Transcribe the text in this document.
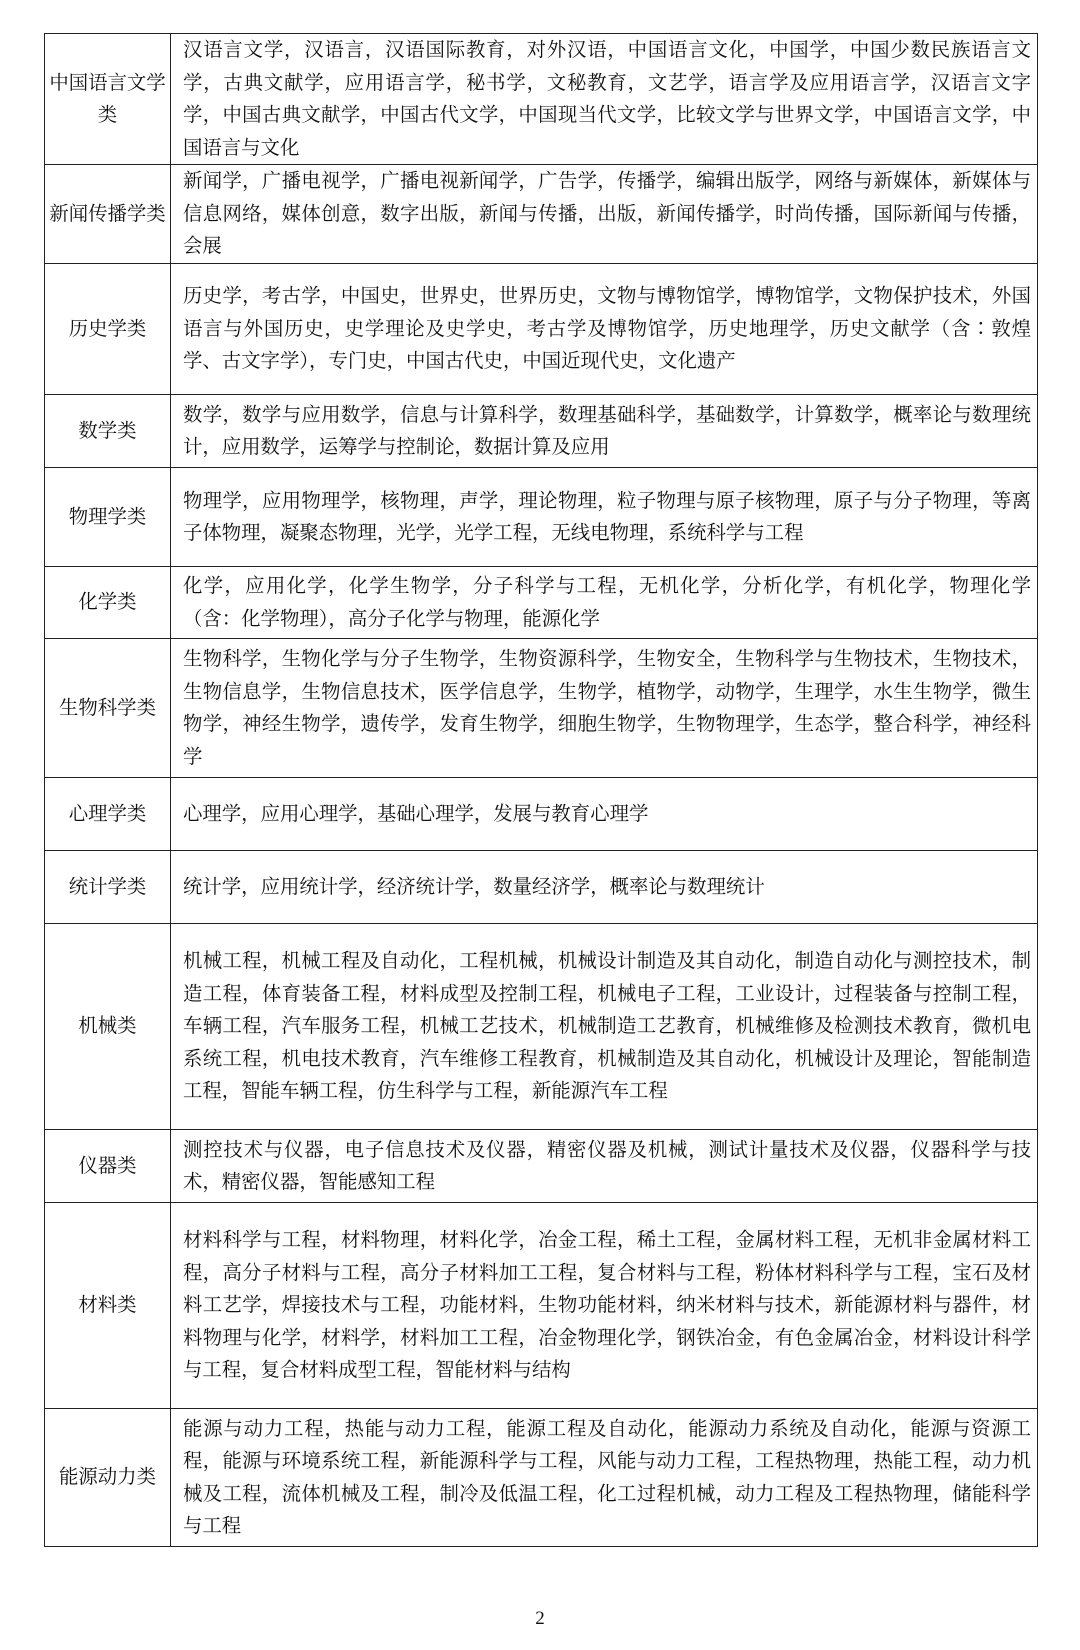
中国语言文学类	汉语言文学，汉语言，汉语国际教育，对外汉语，中国语言文化，中国学，中国少数民族语言文学，古典文献学，应用语言学，秘书学，文秘教育，文艺学，语言学及应用语言学，汉语言文字学，中国古典文献学，中国古代文学，中国现当代文学，比较文学与世界文学，中国语言文学，中国语言与文化
新闻传播学类	新闻学，广播电视学，广播电视新闻学，广告学，传播学，编辑出版学，网络与新媒体，新媒体与信息网络，媒体创意，数字出版，新闻与传播，出版，新闻传播学，时尚传播，国际新闻与传播，会展
历史学类	历史学，考古学，中国史，世界史，世界历史，文物与博物馆学，博物馆学，文物保护技术，外国语言与外国历史，史学理论及史学史，考古学及博物馆学，历史地理学，历史文献学（含∶敦煌学、古文字学），专门史，中国古代史，中国近现代史，文化遗产
数学类	数学，数学与应用数学，信息与计算科学，数理基础科学，基础数学，计算数学，概率论与数理统计，应用数学，运筹学与控制论，数据计算及应用
物理学类	物理学，应用物理学，核物理，声学，理论物理，粒子物理与原子核物理，原子与分子物理，等离子体物理，凝聚态物理，光学，光学工程，无线电物理，系统科学与工程
化学类	化学，应用化学，化学生物学，分子科学与工程，无机化学，分析化学，有机化学，物理化学（含：化学物理），高分子化学与物理，能源化学
生物科学类	生物科学，生物化学与分子生物学，生物资源科学，生物安全，生物科学与生物技术，生物技术，生物信息学，生物信息技术，医学信息学，生物学，植物学，动物学，生理学，水生生物学，微生物学，神经生物学，遗传学，发育生物学，细胞生物学，生物物理学，生态学，整合科学，神经科学
心理学类	心理学，应用心理学，基础心理学，发展与教育心理学
统计学类	统计学，应用统计学，经济统计学，数量经济学，概率论与数理统计
机械类	机械工程，机械工程及自动化，工程机械，机械设计制造及其自动化，制造自动化与测控技术，制造工程，体育装备工程，材料成型及控制工程，机械电子工程，工业设计，过程装备与控制工程，车辆工程，汽车服务工程，机械工艺技术，机械制造工艺教育，机械维修及检测技术教育，微机电系统工程，机电技术教育，汽车维修工程教育，机械制造及其自动化，机械设计及理论，智能制造工程，智能车辆工程，仿生科学与工程，新能源汽车工程
仪器类	测控技术与仪器，电子信息技术及仪器，精密仪器及机械，测试计量技术及仪器，仪器科学与技术，精密仪器，智能感知工程
材料类	材料科学与工程，材料物理，材料化学，冶金工程，稀土工程，金属材料工程，无机非金属材料工程，高分子材料与工程，高分子材料加工工程，复合材料与工程，粉体材料科学与工程，宝石及材料工艺学，焊接技术与工程，功能材料，生物功能材料，纳米材料与技术，新能源材料与器件，材料物理与化学，材料学，材料加工工程，冶金物理化学，钢铁冶金，有色金属冶金，材料设计科学与工程，复合材料成型工程，智能材料与结构
能源动力类	能源与动力工程，热能与动力工程，能源工程及自动化，能源动力系统及自动化，能源与资源工程，能源与环境系统工程，新能源科学与工程，风能与动力工程，工程热物理，热能工程，动力机械及工程，流体机械及工程，制冷及低温工程，化工过程机械，动力工程及工程热物理，储能科学与工程
2
